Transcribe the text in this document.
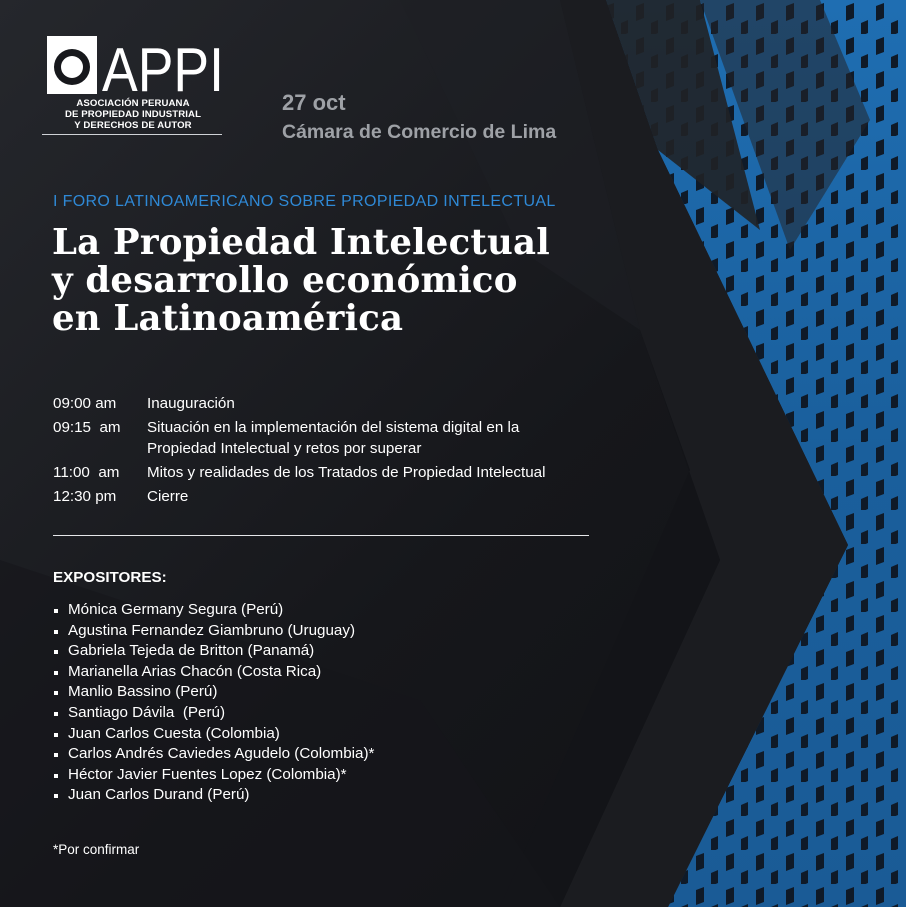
APPI
ASOCIACIÓN PERUANA
DE PROPIEDAD INDUSTRIAL
Y DERECHOS DE AUTOR
27 oct
Cámara de Comercio de Lima
I FORO LATINOAMERICANO SOBRE PROPIEDAD INTELECTUAL
La Propiedad Intelectual
y desarrollo económico
en Latinoamérica
09:00 am Inauguración
09:15  am Situación en la implementación del sistema digital en la Propiedad Intelectual y retos por superar
11:00  am Mitos y realidades de los Tratados de Propiedad Intelectual
12:30 pm Cierre
EXPOSITORES:
Mónica Germany Segura (Perú)
Agustina Fernandez Giambruno (Uruguay)
Gabriela Tejeda de Britton (Panamá)
Marianella Arias Chacón (Costa Rica)
Manlio Bassino (Perú)
Santiago Dávila  (Perú)
Juan Carlos Cuesta (Colombia)
Carlos Andrés Caviedes Agudelo (Colombia)*
Héctor Javier Fuentes Lopez (Colombia)*
Juan Carlos Durand (Perú)
*Por confirmar
